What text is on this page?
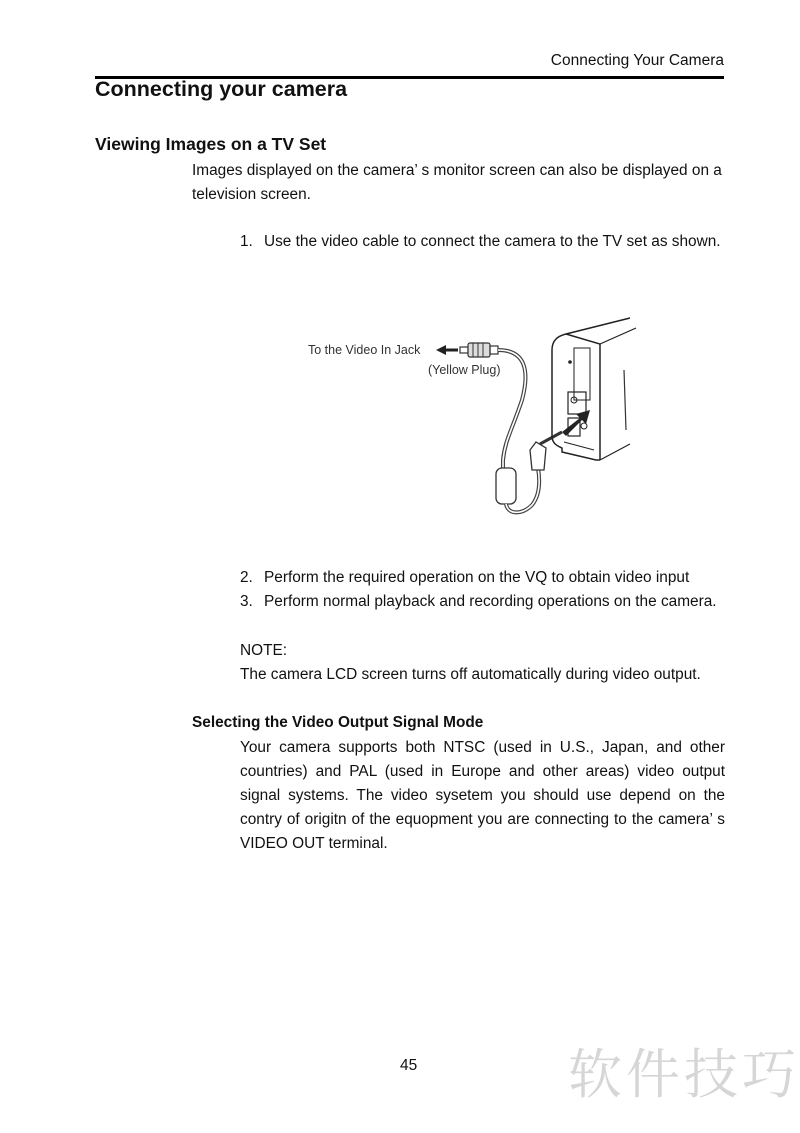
Connecting Your Camera
Connecting your camera
Viewing Images on a TV Set
Images displayed on the camera’ s monitor screen can also be displayed on a television screen.
1. Use the video cable to connect the camera to the TV set as shown.
To the Video In Jack
(Yellow Plug)
2. Perform the required operation on the VQ to obtain video input
3. Perform normal playback and recording operations on the camera.
NOTE:
The camera LCD screen turns off automatically during video output.
Selecting the Video Output Signal Mode
Your camera supports both NTSC (used in U.S., Japan, and other countries) and PAL (used in Europe and other areas) video output signal systems. The video sysetem you should use depend on the contry of origitn of the equopment you are connecting to the camera’ s VIDEO OUT terminal.
45	软件技巧
